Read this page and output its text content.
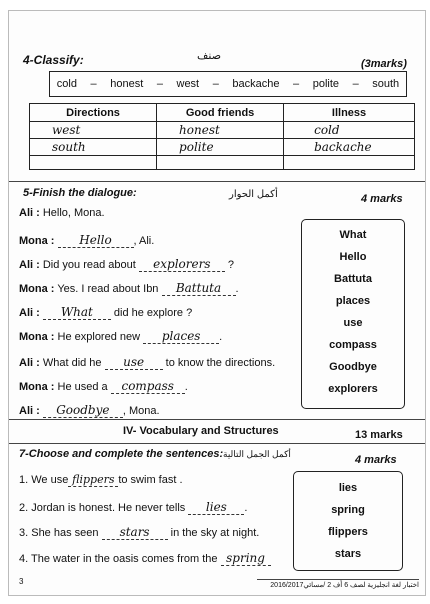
4-Classify:	صنف
(3marks)
cold – honest – west – backache – polite – south
Directions	Good friends	Illness
west	honest	cold
south	polite	backache

5-Finish the dialogue:	أكمل الحوار	4 marks
Ali : Hello, Mona.
Mona : Hello , Ali.
Ali : Did you read about explorers ?
Mona : Yes. I read about Ibn Battuta .
Ali : What did he explore ?
Mona : He explored new places .
Ali : What did he use to know the directions.
Mona : He used a compass .
Ali : Goodbye , Mona.
What
Hello
Battuta
places
use
compass
Goodbye
explorers
IV- Vocabulary and Structures	13 marks
7-Choose and complete the sentences: أكمل الجمل التالية	4 marks
1. We use flippers to swim fast .
2. Jordan is honest. He never tells lies .
3. She has seen stars in the sky at night.
4. The water in the oasis comes from the spring
lies
spring
flippers
stars
3	اختبار لغة انجليزية لصف 6 أف 2 /مسائي2016/2017
